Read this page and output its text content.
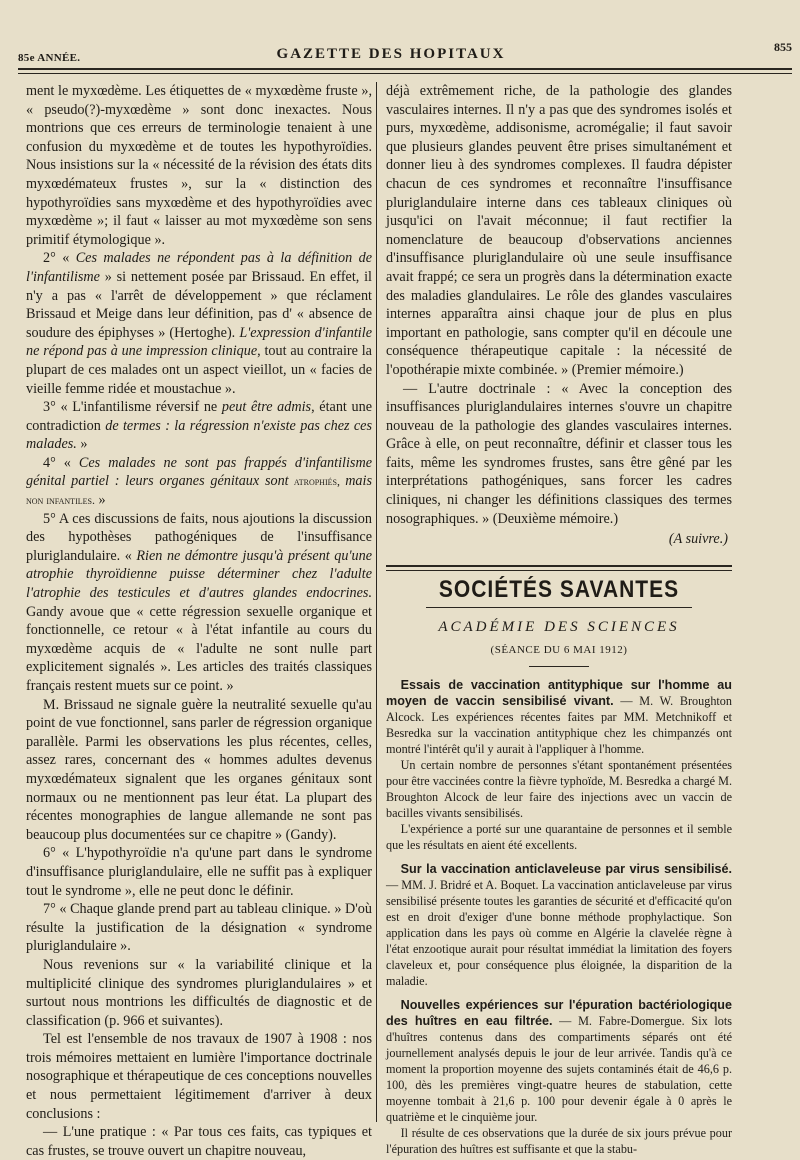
85e ANNÉE.	GAZETTE DES HOPITAUX	855

ment le myxœdème. Les étiquettes de « myxœdème fruste », « pseudo(?)-myxœdème » sont donc inexactes. Nous montrions que ces erreurs de terminologie tenaient à une confusion du myxœdème et de toutes les hypothyroïdies. Nous insistions sur la « nécessité de la révision des états dits myxœdémateux frustes », sur la « distinction des hypothyroïdies sans myxœdème et des hypothyroïdies avec myxœdème »; il faut « laisser au mot myxœdème son sens primitif étymologique ».

2° « Ces malades ne répondent pas à la définition de l'infantilisme » si nettement posée par Brissaud. En effet, il n'y a pas « l'arrêt de développement » que réclament Brissaud et Meige dans leur définition, pas d' « absence de soudure des épiphyses » (Hertoghe). L'expression d'infantile ne répond pas à une impression clinique, tout au contraire la plupart de ces malades ont un aspect vieillot, un « facies de vieille femme ridée et moustachue ».

3° « L'infantilisme réversif ne peut être admis, étant une contradiction de termes : la régression n'existe pas chez ces malades. »

4° « Ces malades ne sont pas frappés d'infantilisme génital partiel : leurs organes génitaux sont atrophiés, mais non infantiles. »

5° A ces discussions de faits, nous ajoutions la discussion des hypothèses pathogéniques de l'insuffisance pluriglandulaire. « Rien ne démontre jusqu'à présent qu'une atrophie thyroïdienne puisse déterminer chez l'adulte l'atrophie des testicules et d'autres glandes endocrines. Gandy avoue que « cette régression sexuelle organique et fonctionnelle, ce retour « à l'état infantile au cours du myxœdème acquis de « l'adulte ne sont nulle part explicitement signalés ». Les articles des traités classiques français restent muets sur ce point. »

M. Brissaud ne signale guère la neutralité sexuelle qu'au point de vue fonctionnel, sans parler de régression organique parallèle. Parmi les observations les plus récentes, celles, assez rares, concernant des « hommes adultes devenus myxœdémateux signalent que les organes génitaux sont normaux ou ne mentionnent pas leur état. La plupart des récentes monographies de langue allemande ne sont pas beaucoup plus documentées sur ce chapitre » (Gandy).

6° « L'hypothyroïdie n'a qu'une part dans le syndrome d'insuffisance pluriglandulaire, elle ne suffit pas à expliquer tout le syndrome », elle ne peut donc le définir.

7° « Chaque glande prend part au tableau clinique. » D'où résulte la justification de la désignation « syndrome pluriglandulaire ».

Nous revenions sur « la variabilité clinique et la multiplicité clinique des syndromes pluriglandulaires » et surtout nous montrions les difficultés de diagnostic et de classification (p. 966 et suivantes).

Tel est l'ensemble de nos travaux de 1907 à 1908 : nos trois mémoires mettaient en lumière l'importance doctrinale nosographique et thérapeutique de ces conceptions nouvelles et nous permettaient légitimement d'arriver à deux conclusions :

— L'une pratique : « Par tous ces faits, cas typiques et cas frustes, se trouve ouvert un chapitre nouveau,

déjà extrêmement riche, de la pathologie des glandes vasculaires internes. Il n'y a pas que des syndromes isolés et purs, myxœdème, addisonisme, acromégalie; il faut savoir que plusieurs glandes peuvent être prises simultanément et donner lieu à des syndromes complexes. Il faudra dépister chacun de ces syndromes et reconnaître l'insuffisance pluriglandulaire interne dans ces tableaux cliniques où jusqu'ici on l'avait méconnue; il faut rectifier la nomenclature de beaucoup d'observations anciennes d'insuffisance pluriglandulaire où une seule insuffisance avait frappé; ce sera un progrès dans la détermination exacte des maladies glandulaires. Le rôle des glandes vasculaires internes apparaîtra ainsi chaque jour de plus en plus important en pathologie, sans compter qu'il en découle une conséquence thérapeutique capitale : la nécessité de l'opothérapie mixte combinée. » (Premier mémoire.)

— L'autre doctrinale : « Avec la conception des insuffisances pluriglandulaires internes s'ouvre un chapitre nouveau de la pathologie des glandes vasculaires internes. Grâce à elle, on peut reconnaître, définir et classer tous les faits, même les syndromes frustes, sans être gêné par les interprétations pathogéniques, sans forcer les cadres cliniques, ni changer les définitions classiques des termes nosographiques. » (Deuxième mémoire.)

(A suivre.)
SOCIÉTÉS SAVANTES
ACADÉMIE DES SCIENCES
(SÉANCE DU 6 MAI 1912)

Essais de vaccination antityphique sur l'homme au moyen de vaccin sensibilisé vivant. — M. W. Broughton Alcock. Les expériences récentes faites par MM. Metchnikoff et Besredka sur la vaccination antityphique chez les chimpanzés ont montré l'intérêt qu'il y aurait à l'appliquer à l'homme.

Un certain nombre de personnes s'étant spontanément présentées pour être vaccinées contre la fièvre typhoïde, M. Besredka a chargé M. Broughton Alcock de leur faire des injections avec un vaccin de bacilles vivants sensibilisés.

L'expérience a porté sur une quarantaine de personnes et il semble que les résultats en aient été excellents.

Sur la vaccination anticlaveleuse par virus sensibilisé. — MM. J. Bridré et A. Boquet. La vaccination anticlaveleuse par virus sensibilisé présente toutes les garanties de sécurité et d'efficacité qu'on est en droit d'exiger d'une bonne méthode prophylactique. Son application dans les pays où comme en Algérie la clavelée règne à l'état enzootique aurait pour résultat immédiat la limitation des foyers claveleux et, pour conséquence plus éloignée, la disparition de la maladie.

Nouvelles expériences sur l'épuration bactériologique des huîtres en eau filtrée. — M. Fabre-Domergue. Six lots d'huîtres contenus dans des compartiments séparés ont été journellement analysés depuis le jour de leur arrivée. Tandis qu'à ce moment la proportion moyenne des sujets contaminés était de 46,6 p. 100, dès les premières vingt-quatre heures de stabulation, cette moyenne tombait à 21,6 p. 100 pour devenir égale à 0 après le quatrième et le cinquième jour.

Il résulte de ces observations que la durée de six jours prévue pour l'épuration des huîtres est suffisante et que la stabu-
